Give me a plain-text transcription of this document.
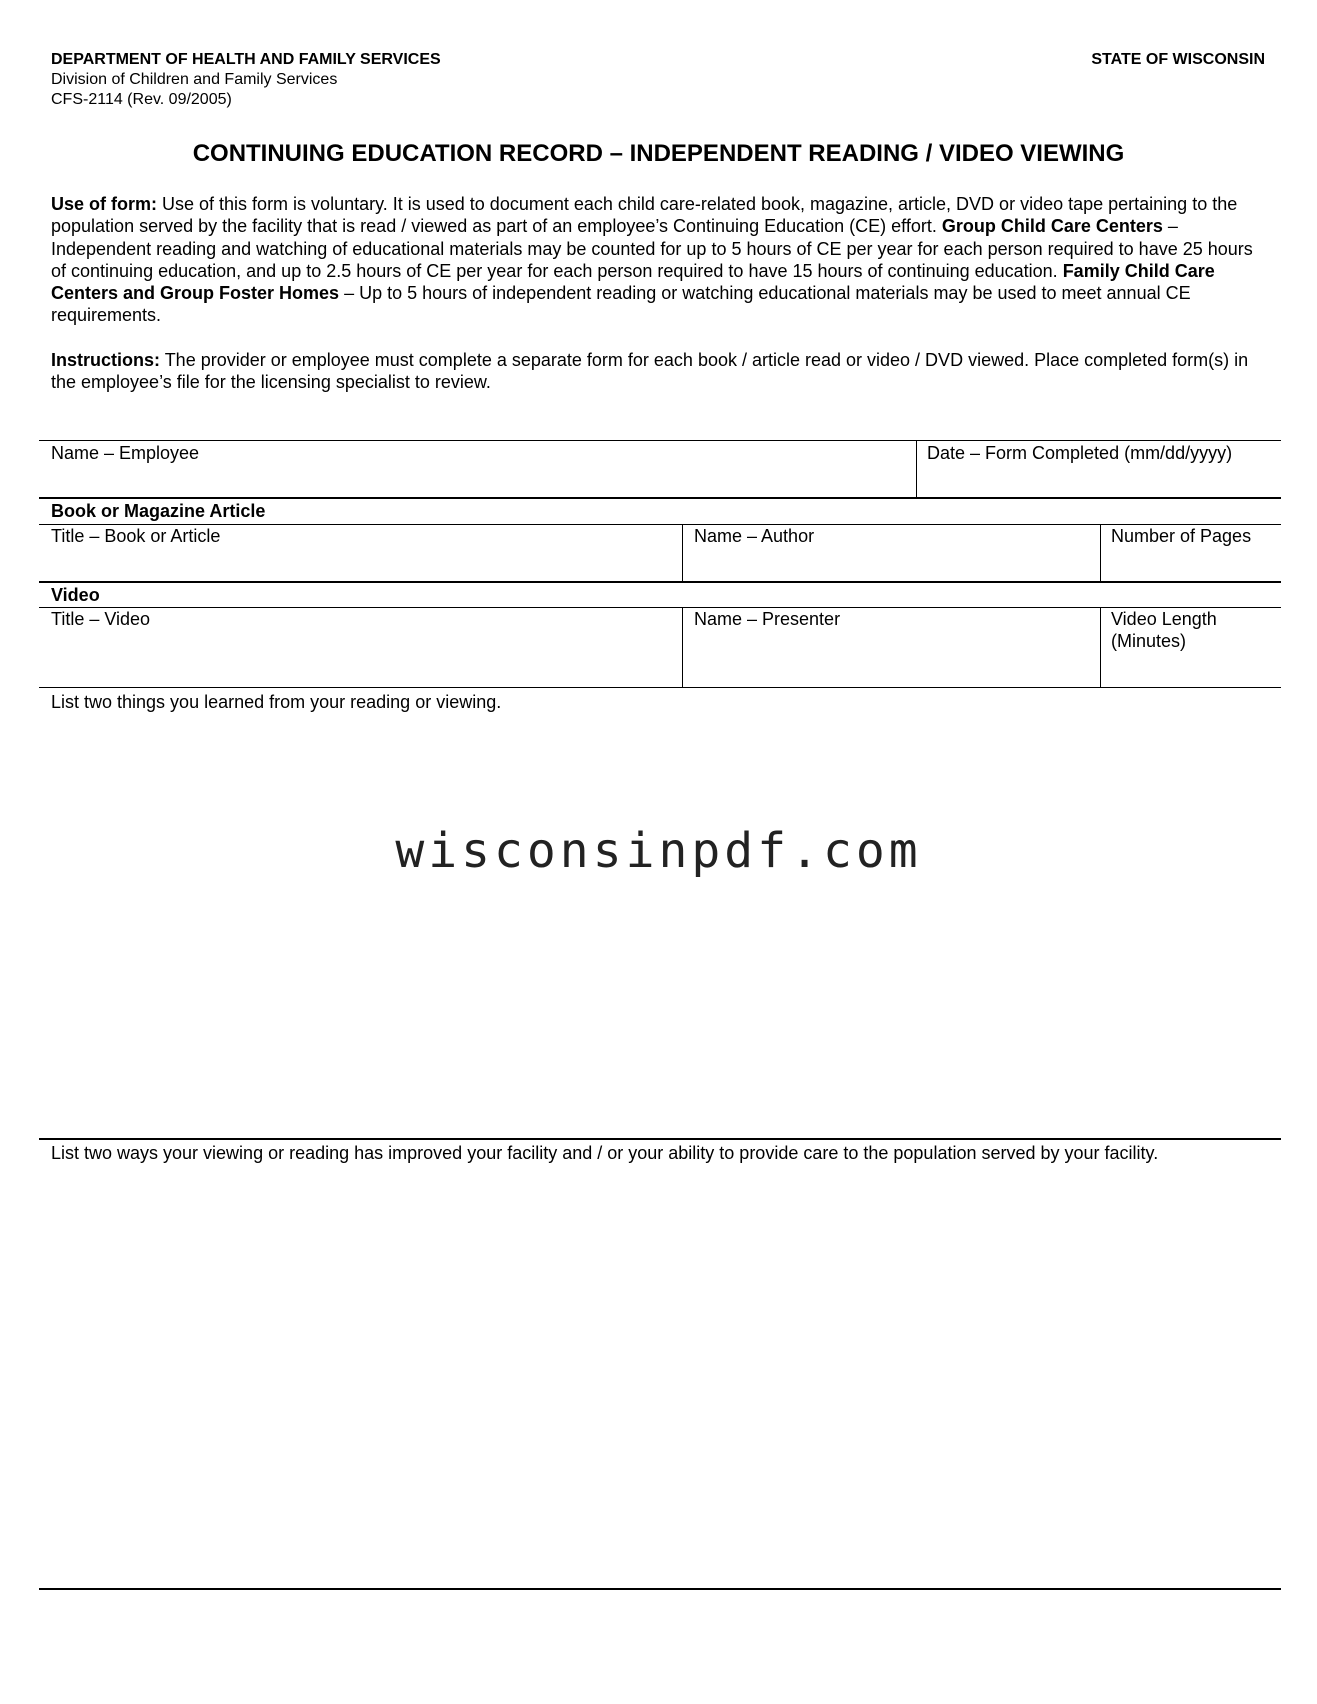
DEPARTMENT OF HEALTH AND FAMILY SERVICES
Division of Children and Family Services
CFS-2114 (Rev. 09/2005)
STATE OF WISCONSIN
CONTINUING EDUCATION RECORD – INDEPENDENT READING / VIDEO VIEWING
Use of form: Use of this form is voluntary. It is used to document each child care-related book, magazine, article, DVD or video tape pertaining to the population served by the facility that is read / viewed as part of an employee’s Continuing Education (CE) effort. Group Child Care Centers – Independent reading and watching of educational materials may be counted for up to 5 hours of CE per year for each person required to have 25 hours of continuing education, and up to 2.5 hours of CE per year for each person required to have 15 hours of continuing education. Family Child Care Centers and Group Foster Homes – Up to 5 hours of independent reading or watching educational materials may be used to meet annual CE requirements.
Instructions: The provider or employee must complete a separate form for each book / article read or video / DVD viewed. Place completed form(s) in the employee’s file for the licensing specialist to review.
Name – Employee	Date – Form Completed (mm/dd/yyyy)
Book or Magazine Article
Title – Book or Article	Name – Author	Number of Pages
Video
Title – Video	Name – Presenter	Video Length (Minutes)
List two things you learned from your reading or viewing.
wisconsinpdf.com
List two ways your viewing or reading has improved your facility and / or your ability to provide care to the population served by your facility.
